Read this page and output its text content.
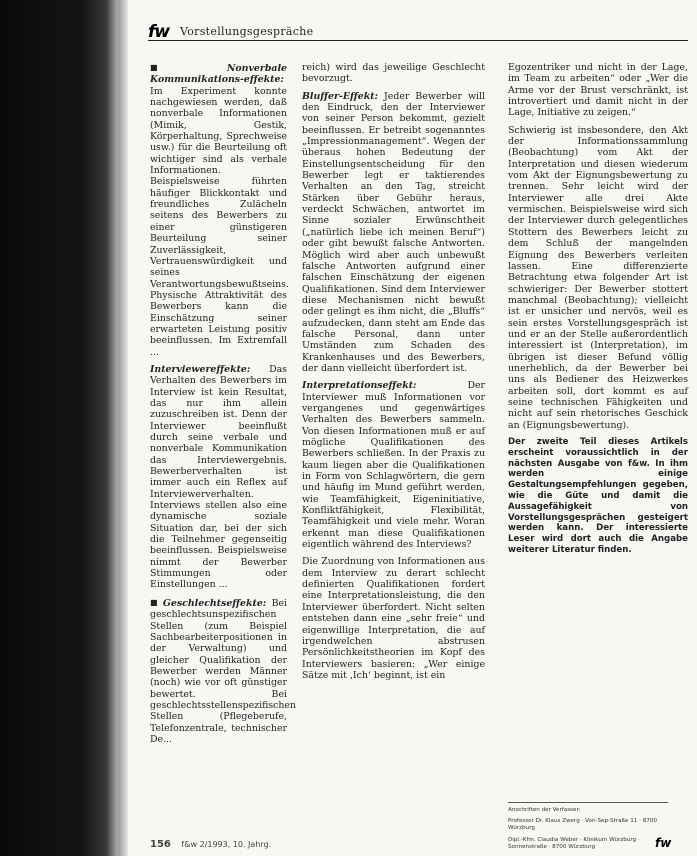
fw Vorstellungsgespräche

■ Nonverbale Kommunikations-effekte: Im Experiment konnte nachgewiesen werden, daß nonverbale Informationen (Mimik, Gestik, Körperhaltung, Sprechweise usw.) für die Beurteilung oft wichtiger sind als verbale Informationen. Beispielsweise führten häufiger Blickkontakt und freundliches Zulächeln seitens des Bewerbers zu einer günstigeren Beurteilung seiner Zuverlässigkeit, Vertrauenswürdigkeit und seines Verantwortungsbewußtseins. Physische Attraktivität des Bewerbers kann die Einschätzung seiner erwarteten Leistung positiv beeinflussen. Im Extremfall ...

Interviewereffekte: Das Verhalten des Bewerbers im Interview ist kein Resultat, das nur ihm allein zuzuschreiben ist. Denn der Interviewer beeinflußt durch seine verbale und nonverbale Kommunikation das Interviewergebnis. Bewerberverhalten ist immer auch ein Reflex auf Interviewerverhalten. Interviews stellen also eine dynamische soziale Situation dar, bei der sich die Teilnehmer gegenseitig beeinflussen. Beispielsweise nimmt der Bewerber Stimmungen oder Einstellungen ...

■ Geschlechtseffekte: Bei geschlechtsunspezifischen Stellen (zum Beispiel Sachbearbeiterpositionen in der Verwaltung) und gleicher Qualifikation der Bewerber werden Männer (noch) wie vor oft günstiger bewertet. Bei geschlechtsstellenspezifischen Stellen (Pflegeberufe, Telefonzentrale, technischer De...

reich) wird das jeweilige Geschlecht bevorzugt.

Bluffer-Effekt: Jeder Bewerber will den Eindruck, den der Interviewer von seiner Person bekommt, gezielt beeinflussen. Er betreibt sogenanntes „Impressionmanagement“. Wegen der überaus hohen Bedeutung der Einstellungsentscheidung für den Bewerber legt er taktierendes Verhalten an den Tag, streicht Stärken über Gebühr heraus, verdeckt Schwächen, antwortet im Sinne sozialer Erwünschtheit („natürlich liebe ich meinen Beruf“) oder gibt bewußt falsche Antworten. Möglich wird aber auch unbewußt falsche Antworten aufgrund einer falschen Einschätzung der eigenen Qualifikationen. Sind dem Interviewer diese Mechanismen nicht bewußt oder gelingt es ihm nicht, die „Bluffs“ aufzudecken, dann steht am Ende das falsche Personal, dann unter Umständen zum Schaden des Krankenhauses und des Bewerbers, der dann vielleicht überfordert ist.

Interpretationseffekt: Der Interviewer muß Informationen vor vergangenes und gegenwärtiges Verhalten des Bewerbers sammeln. Von diesen Informationen muß er auf mögliche Qualifikationen des Bewerbers schließen. In der Praxis zu kaum liegen aber die Qualifikationen in Form von Schlagwörtern, die gern und häufig im Mund geführt werden, wie Teamfähigkeit, Eigeninitiative, Konfliktfähigkeit, Flexibilität, Teamfähigkeit und viele mehr. Woran erkennt man diese Qualifikationen eigentlich während des Interviews?

Die Zuordnung von Informationen aus dem Interview zu derart schlecht definierten Qualifikationen fordert eine Interpretationsleistung, die den Interviewer überfordert. Nicht selten entstehen dann eine „sehr freie“ und eigenwillige Interpretation, die auf irgendwelchen abstrusen Persönlichkeitstheorien im Kopf des Interviewers basieren: „Wer einige Sätze mit ‚Ich‘ beginnt, ist ein

Egozentriker und nicht in der Lage, im Team zu arbeiten“ oder „Wer die Arme vor der Brust verschränkt, ist introvertiert und damit nicht in der Lage, Initiative zu zeigen.“

Schwierig ist insbesondere, den Akt der Informationssammlung (Beobachtung) vom Akt der Interpretation und diesen wiederum vom Akt der Eignungsbewertung zu trennen. Sehr leicht wird der Interviewer alle drei Akte vermischen. Beispielsweise wird sich der Interviewer durch gelegentliches Stottern des Bewerbers leicht zu dem Schluß der mangelnden Eignung des Bewerbers verleiten lassen. Eine differenzierte Betrachtung etwa folgender Art ist schwieriger: Der Bewerber stottert manchmal (Beobachtung); vielleicht ist er unsicher und nervös, weil es sein erstes Vorstellungsgespräch ist und er an der Stelle außerordentlich interessiert ist (Interpretation), im übrigen ist dieser Befund völlig unerheblich, da der Bewerber bei uns als Bediener des Heizwerkes arbeiten soll, dort kommt es auf seine technischen Fähigkeiten und nicht auf sein rhetorisches Geschick an (Eignungsbewertung).

Der zweite Teil dieses Artikels erscheint voraussichtlich in der nächsten Ausgabe von f&w. In ihm werden einige Gestaltungsempfehlungen gegeben, wie die Güte und damit die Aussagefähigkeit von Vorstellungsgesprächen gesteigert werden kann. Der interessierte Leser wird dort auch die Angabe weiterer Literatur finden.

Anschriften der Verfasser:

Professor Dr. Klaus Zwerg · Von-Sep-Straße 11 · 8700 Würzburg

Dipl.-Kfm. Claudia Weber · Klinikum Würzburg · Sonnenstraße · 8700 Würzburg	fw
156 f&w 2/1993, 10. Jahrg.
